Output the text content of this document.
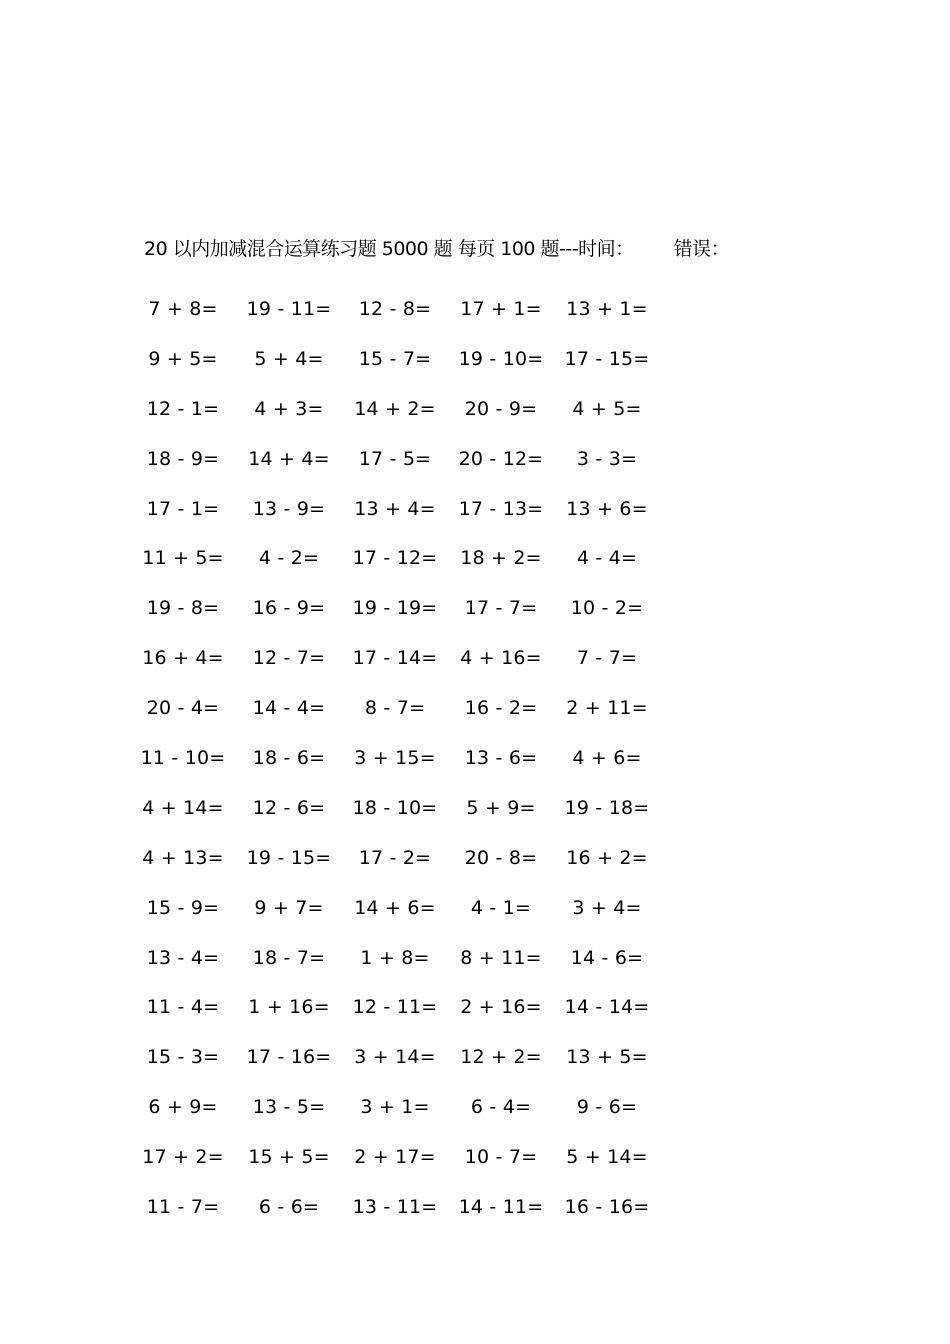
20 以内加减混合运算练习题 5000 题 每页 100 题---时间： 错误：
7 + 8=	19 - 11=	12 - 8=	17 + 1=	13 + 1=
9 + 5=	5 + 4=	15 - 7=	19 - 10=	17 - 15=
12 - 1=	4 + 3=	14 + 2=	20 - 9=	4 + 5=
18 - 9=	14 + 4=	17 - 5=	20 - 12=	3 - 3=
17 - 1=	13 - 9=	13 + 4=	17 - 13=	13 + 6=
11 + 5=	4 - 2=	17 - 12=	18 + 2=	4 - 4=
19 - 8=	16 - 9=	19 - 19=	17 - 7=	10 - 2=
16 + 4=	12 - 7=	17 - 14=	4 + 16=	7 - 7=
20 - 4=	14 - 4=	8 - 7=	16 - 2=	2 + 11=
11 - 10=	18 - 6=	3 + 15=	13 - 6=	4 + 6=
4 + 14=	12 - 6=	18 - 10=	5 + 9=	19 - 18=
4 + 13=	19 - 15=	17 - 2=	20 - 8=	16 + 2=
15 - 9=	9 + 7=	14 + 6=	4 - 1=	3 + 4=
13 - 4=	18 - 7=	1 + 8=	8 + 11=	14 - 6=
11 - 4=	1 + 16=	12 - 11=	2 + 16=	14 - 14=
15 - 3=	17 - 16=	3 + 14=	12 + 2=	13 + 5=
6 + 9=	13 - 5=	3 + 1=	6 - 4=	9 - 6=
17 + 2=	15 + 5=	2 + 17=	10 - 7=	5 + 14=
11 - 7=	6 - 6=	13 - 11=	14 - 11=	16 - 16=
